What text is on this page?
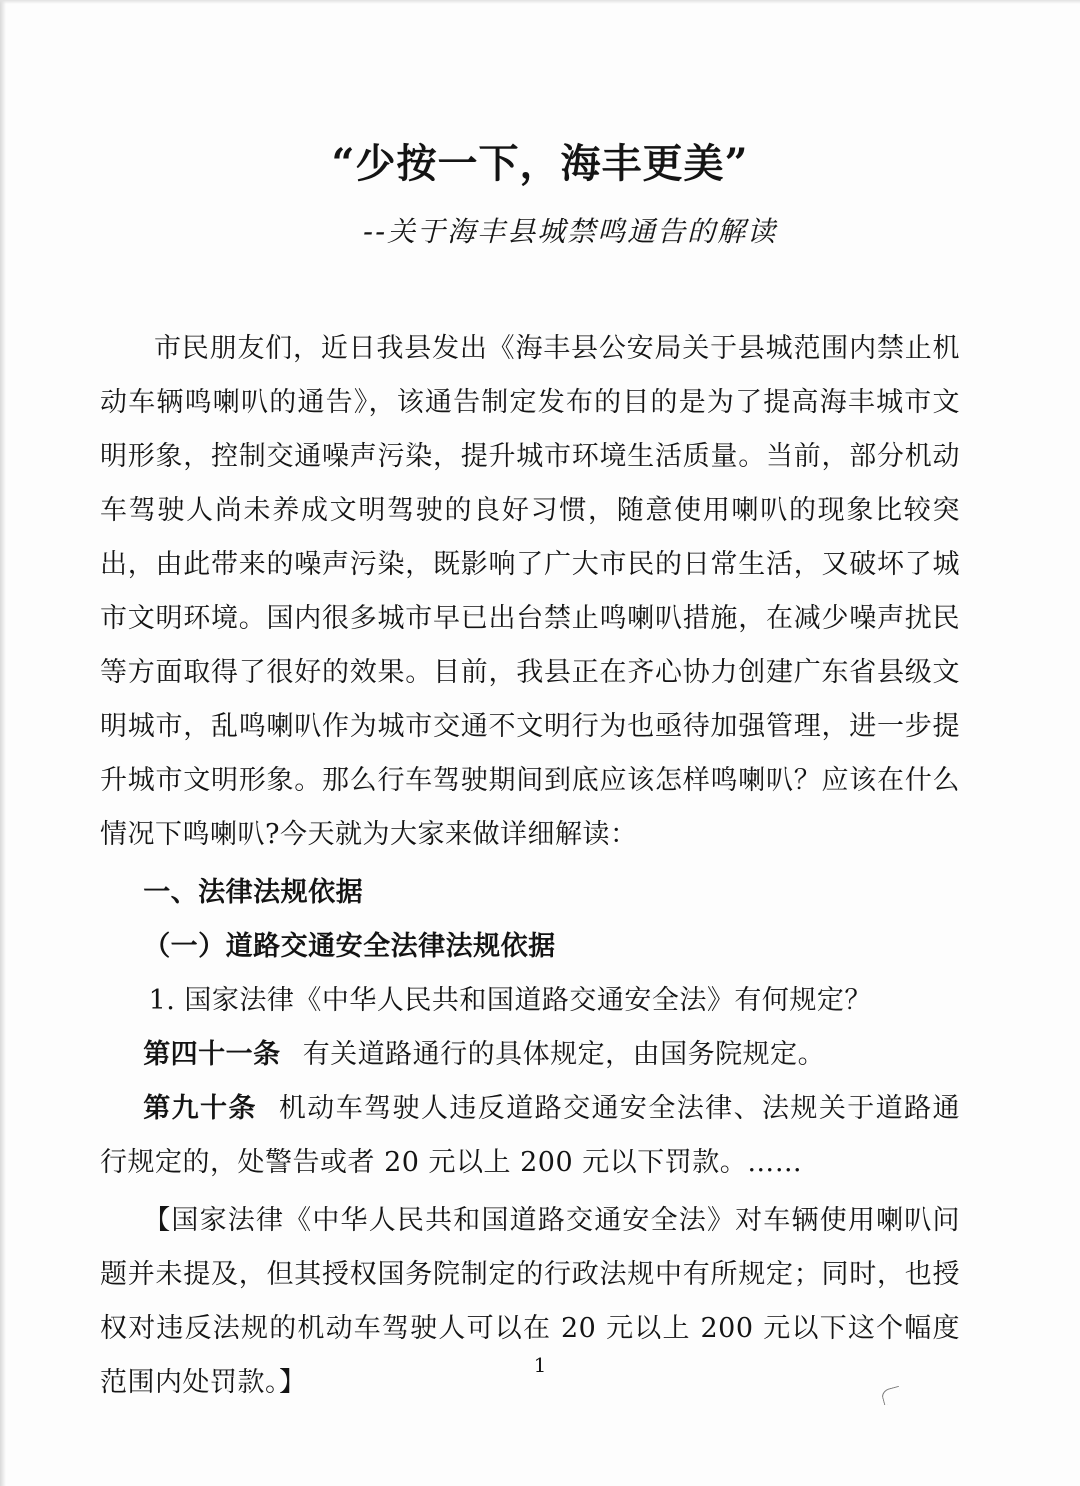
“少按一下，海丰更美”
--关于海丰县城禁鸣通告的解读

市民朋友们，近日我县发出《海丰县公安局关于县城范围内禁止机动车辆鸣喇叭的通告》，该通告制定发布的目的是为了提高海丰城市文明形象，控制交通噪声污染，提升城市环境生活质量。当前，部分机动车驾驶人尚未养成文明驾驶的良好习惯，随意使用喇叭的现象比较突出，由此带来的噪声污染，既影响了广大市民的日常生活，又破坏了城市文明环境。国内很多城市早已出台禁止鸣喇叭措施，在减少噪声扰民等方面取得了很好的效果。目前，我县正在齐心协力创建广东省县级文明城市，乱鸣喇叭作为城市交通不文明行为也亟待加强管理，进一步提升城市文明形象。那么行车驾驶期间到底应该怎样鸣喇叭？应该在什么情况下鸣喇叭?今天就为大家来做详细解读：

一、法律法规依据

（一）道路交通安全法律法规依据

1. 国家法律《中华人民共和国道路交通安全法》有何规定？

第四十一条 有关道路通行的具体规定，由国务院规定。

第九十条 机动车驾驶人违反道路交通安全法律、法规关于道路通行规定的，处警告或者 20 元以上 200 元以下罚款。……

【国家法律《中华人民共和国道路交通安全法》对车辆使用喇叭问题并未提及，但其授权国务院制定的行政法规中有所规定；同时，也授权对违反法规的机动车驾驶人可以在 20 元以上 200 元以下这个幅度范围内处罚款。】

1
